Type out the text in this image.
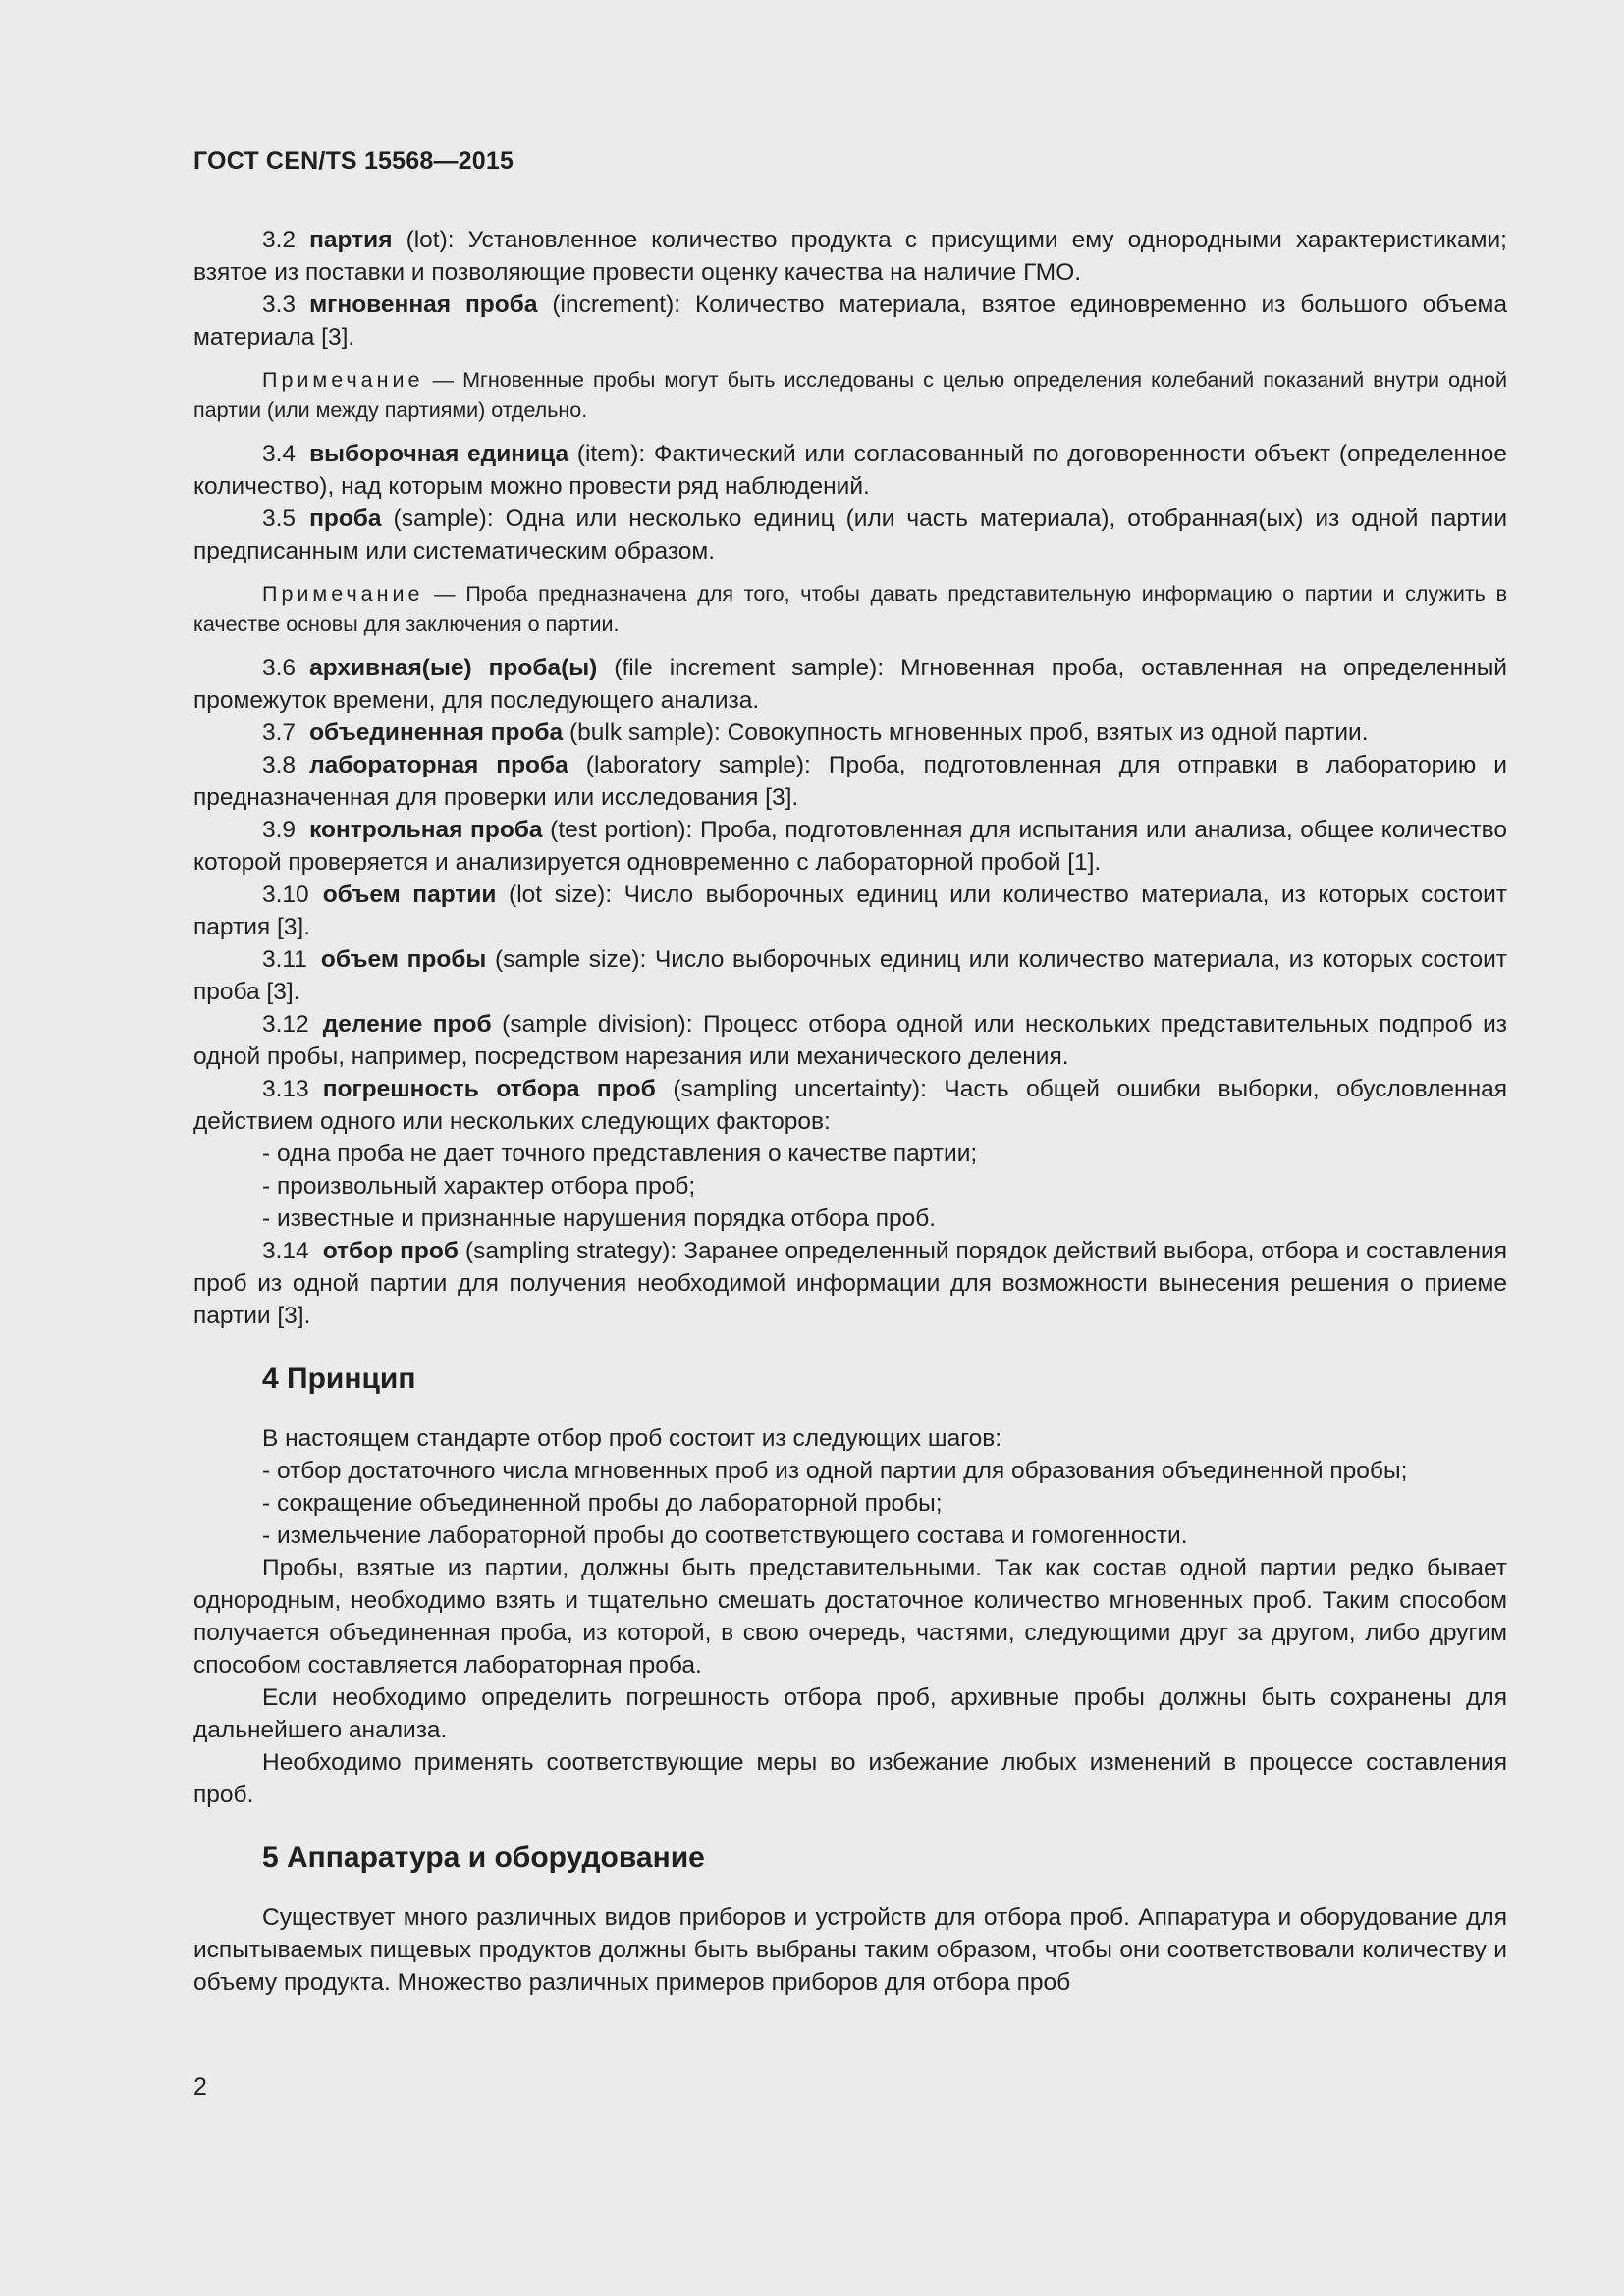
ГОСТ CEN/TS 15568—2015

3.2 партия (lot): Установленное количество продукта с присущими ему однородными характеристиками; взятое из поставки и позволяющие провести оценку качества на наличие ГМО.

3.3 мгновенная проба (increment): Количество материала, взятое единовременно из большого объема материала [3].

Примечание — Мгновенные пробы могут быть исследованы с целью определения колебаний показаний внутри одной партии (или между партиями) отдельно.

3.4 выборочная единица (item): Фактический или согласованный по договоренности объект (определенное количество), над которым можно провести ряд наблюдений.

3.5 проба (sample): Одна или несколько единиц (или часть материала), отобранная(ых) из одной партии предписанным или систематическим образом.

Примечание — Проба предназначена для того, чтобы давать представительную информацию о партии и служить в качестве основы для заключения о партии.

3.6 архивная(ые) проба(ы) (file increment sample): Мгновенная проба, оставленная на определенный промежуток времени, для последующего анализа.

3.7 объединенная проба (bulk sample): Совокупность мгновенных проб, взятых из одной партии.

3.8 лабораторная проба (laboratory sample): Проба, подготовленная для отправки в лабораторию и предназначенная для проверки или исследования [3].

3.9 контрольная проба (test portion): Проба, подготовленная для испытания или анализа, общее количество которой проверяется и анализируется одновременно с лабораторной пробой [1].

3.10 объем партии (lot size): Число выборочных единиц или количество материала, из которых состоит партия [3].

3.11 объем пробы (sample size): Число выборочных единиц или количество материала, из которых состоит проба [3].

3.12 деление проб (sample division): Процесс отбора одной или нескольких представительных подпроб из одной пробы, например, посредством нарезания или механического деления.

3.13 погрешность отбора проб (sampling uncertainty): Часть общей ошибки выборки, обусловленная действием одного или нескольких следующих факторов:

- одна проба не дает точного представления о качестве партии;

- произвольный характер отбора проб;

- известные и признанные нарушения порядка отбора проб.

3.14 отбор проб (sampling strategy): Заранее определенный порядок действий выбора, отбора и составления проб из одной партии для получения необходимой информации для возможности вынесения решения о приеме партии [3].

4 Принцип

В настоящем стандарте отбор проб состоит из следующих шагов:

- отбор достаточного числа мгновенных проб из одной партии для образования объединенной пробы;

- сокращение объединенной пробы до лабораторной пробы;

- измельчение лабораторной пробы до соответствующего состава и гомогенности.

Пробы, взятые из партии, должны быть представительными. Так как состав одной партии редко бывает однородным, необходимо взять и тщательно смешать достаточное количество мгновенных проб. Таким способом получается объединенная проба, из которой, в свою очередь, частями, следующими друг за другом, либо другим способом составляется лабораторная проба.

Если необходимо определить погрешность отбора проб, архивные пробы должны быть сохранены для дальнейшего анализа.

Необходимо применять соответствующие меры во избежание любых изменений в процессе составления проб.

5 Аппаратура и оборудование

Существует много различных видов приборов и устройств для отбора проб. Аппаратура и оборудование для испытываемых пищевых продуктов должны быть выбраны таким образом, чтобы они соответствовали количеству и объему продукта. Множество различных примеров приборов для отбора проб

2
